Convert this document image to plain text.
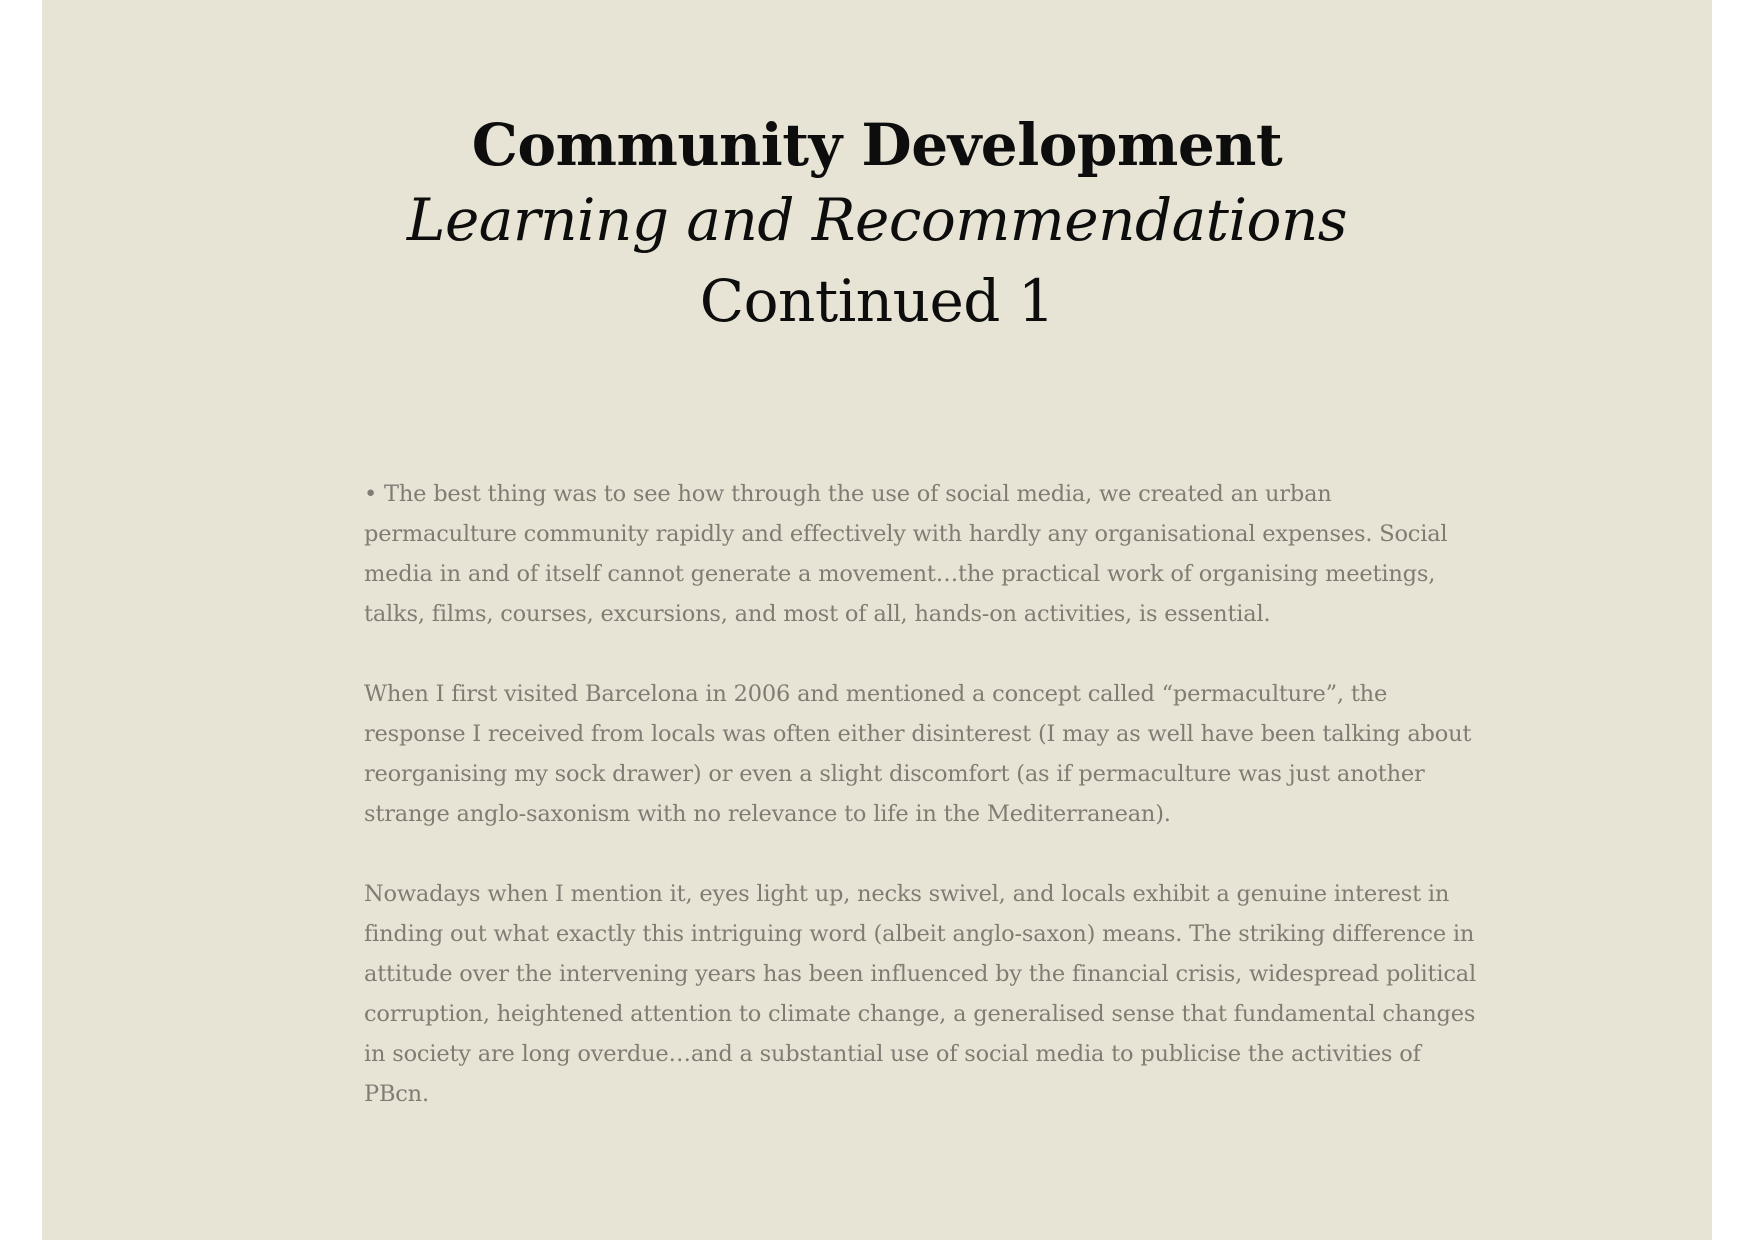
Community Development
Learning and Recommendations
Continued 1

• The best thing was to see how through the use of social media, we created an urban permaculture community rapidly and effectively with hardly any organisational expenses. Social media in and of itself cannot generate a movement…the practical work of organising meetings, talks, films, courses, excursions, and most of all, hands-on activities, is essential.

When I first visited Barcelona in 2006 and mentioned a concept called “permaculture”, the response I received from locals was often either disinterest (I may as well have been talking about reorganising my sock drawer) or even a slight discomfort (as if permaculture was just another strange anglo-saxonism with no relevance to life in the Mediterranean).

Nowadays when I mention it, eyes light up, necks swivel, and locals exhibit a genuine interest in finding out what exactly this intriguing word (albeit anglo-saxon) means. The striking difference in attitude over the intervening years has been influenced by the financial crisis, widespread political corruption, heightened attention to climate change, a generalised sense that fundamental changes in society are long overdue…and a substantial use of social media to publicise the activities of PBcn.
